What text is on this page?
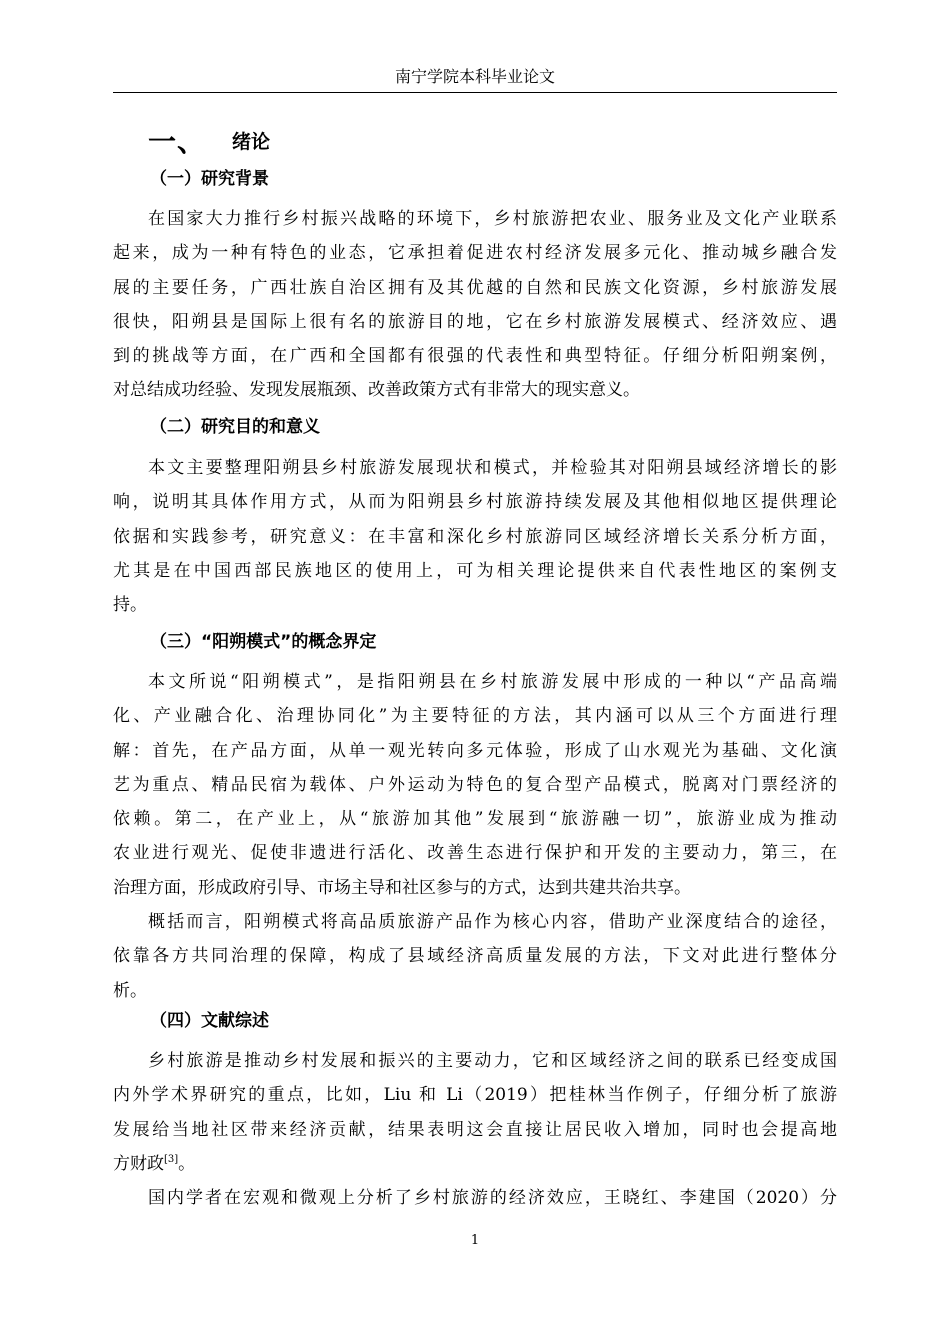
南宁学院本科毕业论文
一、 绪论
（一）研究背景
在国家大力推行乡村振兴战略的环境下，乡村旅游把农业、服务业及文化产业联系
起来，成为一种有特色的业态，它承担着促进农村经济发展多元化、推动城乡融合发
展的主要任务，广西壮族自治区拥有及其优越的自然和民族文化资源，乡村旅游发展
很快，阳朔县是国际上很有名的旅游目的地，它在乡村旅游发展模式、经济效应、遇
到的挑战等方面，在广西和全国都有很强的代表性和典型特征。仔细分析阳朔案例，
对总结成功经验、发现发展瓶颈、改善政策方式有非常大的现实意义。
（二）研究目的和意义
本文主要整理阳朔县乡村旅游发展现状和模式，并检验其对阳朔县域经济增长的影
响，说明其具体作用方式，从而为阳朔县乡村旅游持续发展及其他相似地区提供理论
依据和实践参考，研究意义：在丰富和深化乡村旅游同区域经济增长关系分析方面，
尤其是在中国西部民族地区的使用上，可为相关理论提供来自代表性地区的案例支
持。
（三）“阳朔模式”的概念界定
本文所说“阳朔模式”，是指阳朔县在乡村旅游发展中形成的一种以“产品高端
化、产业融合化、治理协同化”为主要特征的方法，其内涵可以从三个方面进行理
解：首先，在产品方面，从单一观光转向多元体验，形成了山水观光为基础、文化演
艺为重点、精品民宿为载体、户外运动为特色的复合型产品模式，脱离对门票经济的
依赖。第二，在产业上，从“旅游加其他”发展到“旅游融一切”，旅游业成为推动
农业进行观光、促使非遗进行活化、改善生态进行保护和开发的主要动力，第三，在
治理方面，形成政府引导、市场主导和社区参与的方式，达到共建共治共享。
概括而言，阳朔模式将高品质旅游产品作为核心内容，借助产业深度结合的途径，
依靠各方共同治理的保障，构成了县域经济高质量发展的方法，下文对此进行整体分
析。
（四）文献综述
乡村旅游是推动乡村发展和振兴的主要动力，它和区域经济之间的联系已经变成国
内外学术界研究的重点，比如，Liu 和 Li（2019）把桂林当作例子，仔细分析了旅游
发展给当地社区带来经济贡献，结果表明这会直接让居民收入增加，同时也会提高地
方财政[3]。
国内学者在宏观和微观上分析了乡村旅游的经济效应，王晓红、李建国（2020）分
1
